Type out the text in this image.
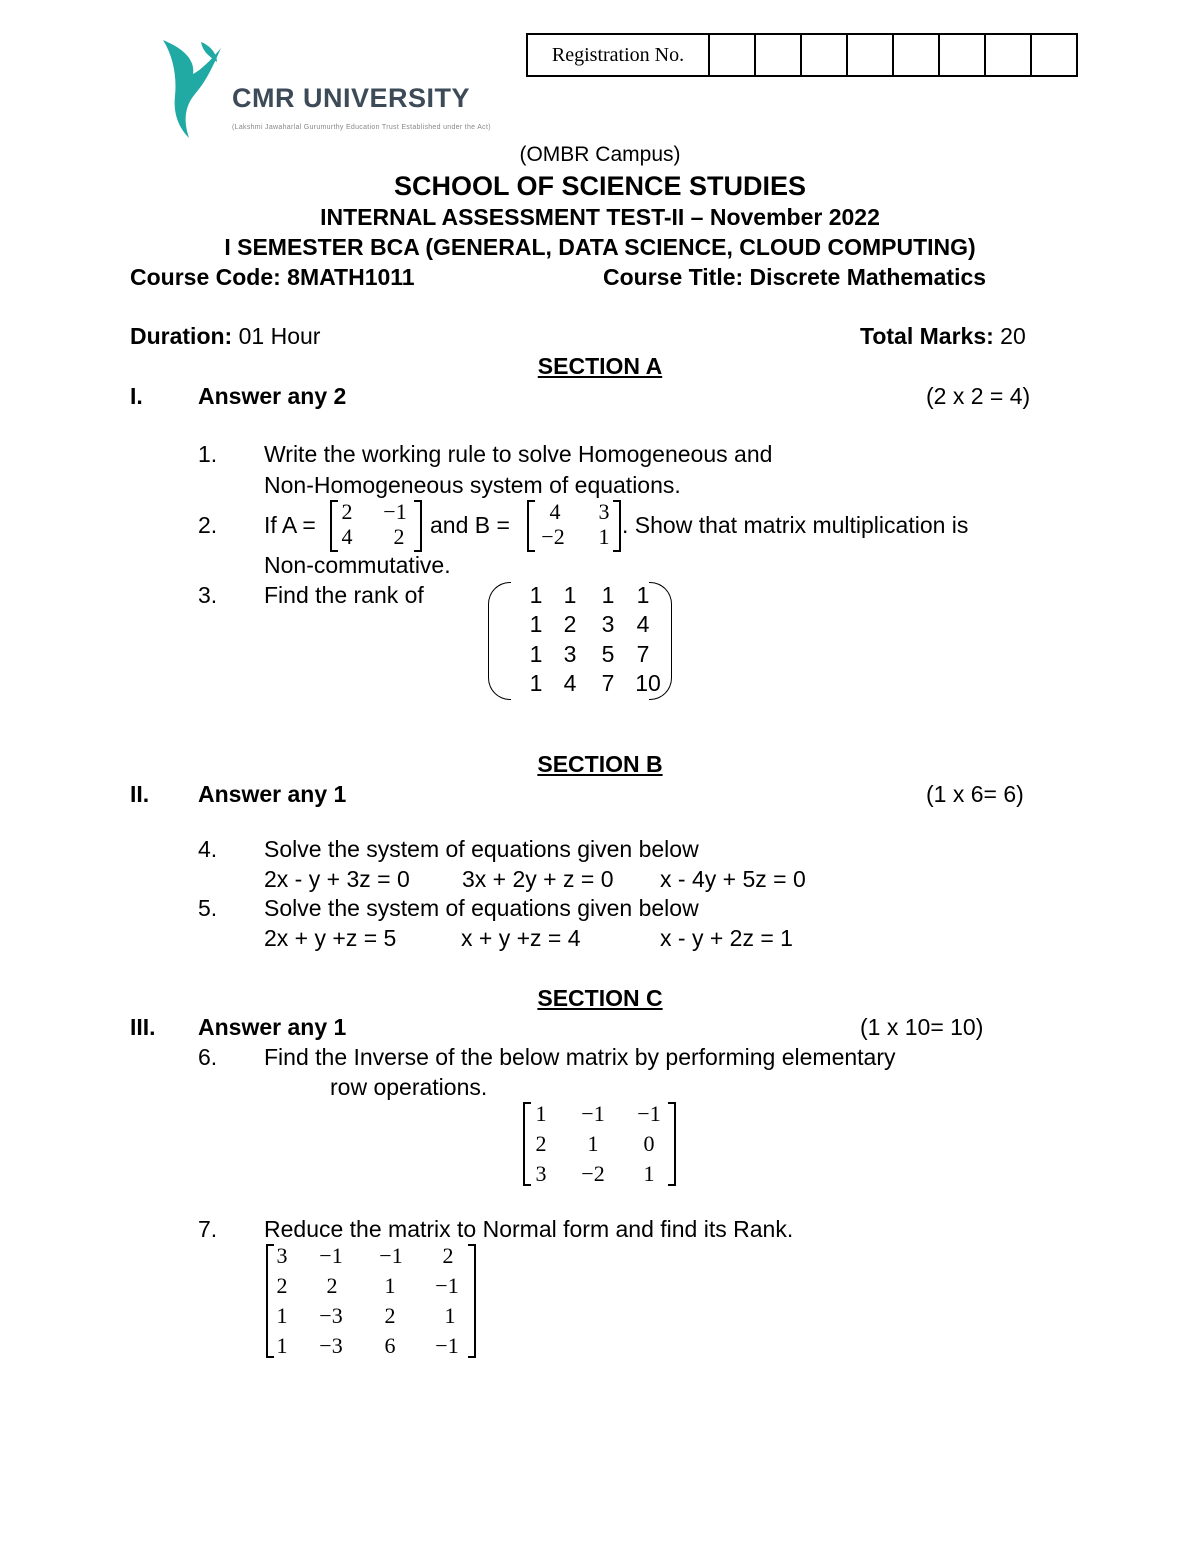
CMR UNIVERSITY
(Lakshmi Jawaharlal Gurumurthy Education Trust Established under the Act)
Registration No.
(OMBR Campus)
SCHOOL OF SCIENCE STUDIES
INTERNAL ASSESSMENT TEST-II – November 2022
I SEMESTER BCA (GENERAL, DATA SCIENCE, CLOUD COMPUTING)
Course Code: 8MATH1011	Course Title: Discrete Mathematics
Duration: 01 Hour	Total Marks: 20
SECTION A
I. Answer any 2	(2 x 2 = 4)
1. Write the working rule to solve Homogeneous and
Non-Homogeneous system of equations.
2. If A =
2	−1
4	2	and B =
4	3
−2	1 . Show that matrix multiplication is
Non-commutative.
3. Find the rank of	1 1 1 1
1 2 3 4
1 3 5 7
1 4 7 10
SECTION B
II. Answer any 1	(1 x 6= 6)
4. Solve the system of equations given below
2x - y + 3z = 0 3x + 2y + z = 0 x - 4y + 5z = 0
5. Solve the system of equations given below
2x + y +z = 5	x + y +z = 4	x - y + 2z = 1
SECTION C
III. Answer any 1	(1 x 10= 10)
6. Find the Inverse of the below matrix by performing elementary
row operations.
1	−1	−1
2 1 0
3	−2	1
7. Reduce the matrix to Normal form and find its Rank.
3	−1	−1	2
2 2 1	−1
1	−3	2 1
1	−3	6	−1
